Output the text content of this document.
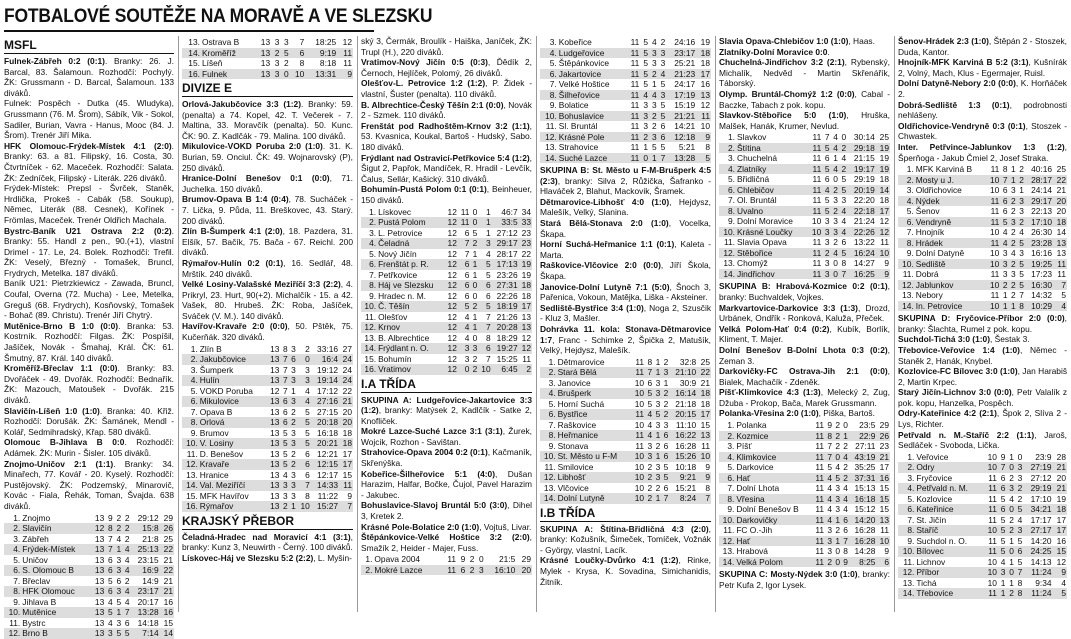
FOTBALOVÉ SOUTĚŽE NA MORAVĚ A VE SLEZSKU
MSFL

Fulnek-Zábřeh 0:2 (0:1). Branky: 26. J. Barcal, 83. Šalamoun. Rozhodčí: Pochylý. ŽK: Grussmann - D. Barcal, Šalamoun. 133 diváků.

Fulnek: Pospěch - Dutka (45. Wludyka), Grussmann (76. M. Šrom), Sábík, Vik - Sokol, Sadiler, Burian, Vavra - Hanus, Mooc (84. J. Šrom). Trenér Jiří Mika.

HFK Olomouc-Frýdek-Místek 4:1 (2:0). Branky: 63. a 81. Filipský, 16. Costa, 30. Čtvrtníček - 62. Maceček. Rozhodčí: Salata. ŽK: Zedníček, Filipský - Literák. 226 diváků.

Frýdek-Místek: Prepsl - Švrček, Staněk, Hrdlička, Prokeš - Cabák (58. Soukup), Němec, Literák (88. Cesnek), Kořínek - Frömlas, Maceček. Trenér Oldřich Machala.

Bystrc-Baník U21 Ostrava 2:2 (0:2). Branky: 55. Handl z pen., 90.(+1), vlastní Drimel - 17. Le, 24. Bolek. Rozhodčí: Trefil. ŽK: Veselý, Březný - Tomašek, Bruncl, Frydrych, Metelka. 187 diváků.

Baník U21: Pietrzkiewicz - Zawada, Bruncl, Coufal, Overna (72. Mucha) - Lee, Metelka, Greguš (68. Frydrych), Kosňovský, Tomašek - Bohač (89. Christu). Trenér Jiří Chytrý.

Mutěnice-Brno B 1:0 (0:0). Branka: 53. Kostrník. Rozhodčí: Filgas. ŽK: Pospíšil, Jašíček, Novák - Šmahaj, Král. ČK: 61. Šmutný, 87. Král. 140 diváků.

Kroměříž-Břeclav 1:1 (0:0). Branky: 83. Dvořáček - 49. Dvořák. Rozhodčí: Bednařík. ŽK: Mazouch, Matoušek - Dvořák. 215 diváků.

Slavičín-Líšeň 1:0 (1:0). Branka: 40. Křiž. Rozhodčí: Dorušák. ŽK: Šamánek, Mendl - Kolář, Sedmihradský, Křap. 580 diváků.

Olomouc B-Jihlava B 0:0. Rozhodčí: Adámek. ŽK: Murin - Šisler. 105 diváků.

Znojmo-Uničov 2:1 (1:1). Branky: 34. Minařech, 77. Kovář - 20. Kyselý. Rozhodčí: Pustějovský. ŽK: Podzemský, Minarovič, Kovác - Fiala, Řehák, Toman, Švajda. 638 diváků.

1.	Znojmo	13	9	2	2	29:12	29
2.	Slavičín	12	8	2	2	15:8	26
3.	Zábřeh	13	7	4	2	21:8	25
4.	Frýdek-Místek	13	7	1	4	25:13	22
5.	Uničov	13	6	3	4	23:15	21
6.	S. Olomouc B	13	6	3	4	16:9	22
7.	Břeclav	13	5	6	2	14:9	21
8.	HFK Olomouc	13	6	3	4	23:17	21
9.	Jihlava B	13	4	5	4	20:17	16
10.	Mutěnice	13	5	1	7	13:28	16
11.	Bystrc	13	4	3	6	14:18	15
12.	Brno B	13	3	5	5	7:14	14
13.	Ostrava B	13	3	3	7	18:25	12
14.	Kroměříž	13	2	5	6	9:19	11
15.	Líšeň	13	3	2	8	8:18	11
16.	Fulnek	13	3	0	10	13:31	9
DIVIZE E

Orlová-Jakubčovice 3:3 (1:2). Branky: 59. (penalta) a 74. Kopel, 42. T. Večerek - 7. Maltina, 33. Moravčík (penalta). 50. Kunc. ČK: 90. Z. Kadlčák - 79. Malina. 100 diváků.

Mikulovice-VOKD Poruba 2:0 (1:0). 31. K. Burian, 59. Onciul. ČK: 49. Wojnarovský (P), 250 diváků.

Hranice-Dolní Benešov 0:1 (0:0), 71. Juchelka. 150 diváků.

Brumov-Opava B 1:4 (0:4), 78. Sucháček - 7. Lička, 9. Půda, 11. Breškovec, 43. Starý. 200 diváků.

Zlín B-Šumperk 4:1 (2:0), 18. Pazdera, 31. Elšík, 57. Bačík, 75. Bača - 67. Reichl. 200 diváků.

Rýmařov-Hulín 0:2 (0:1), 16. Sedlář, 48. Mrštík. 240 diváků.

Velké Losiny-Valašské Meziříčí 3:3 (2:2), 4. Prikryl, 23. Hurt, 90(+2). Michalčík - 15. a 42. Vašek, 80. Hrubeš. ŽK: Roba, Jašíček, Sváček (V. M.). 140 diváků.

Havířov-Kravaře 2:0 (0:0), 50. Pštěk, 75. Kučerňák. 320 diváků.

1.	Zlín B	13	8	3	2	33:16	27
2.	Jakubčovice	13	7	6	0	16:4	24
3.	Šumperk	13	7	3	3	19:12	24
4.	Hulín	13	7	3	3	19:14	24
5.	VOKD Poruba	12	7	1	4	17:12	22
6.	Mikulovice	13	6	3	4	27:16	21
7.	Opava B	13	6	2	5	27:15	20
8.	Orlová	13	6	2	5	20:18	20
9.	Brumov	13	5	3	5	16:18	18
10.	V. Losiny	13	5	3	5	20:21	18
11.	D. Benešov	13	5	2	6	12:21	17
12.	Kravaře	13	5	2	6	12:15	17
13.	Hranice	13	4	3	6	12:17	15
14.	Val. Meziříčí	13	3	3	7	14:33	11
15.	MFK Havířov	13	3	3	8	11:22	9
16.	Rýmařov	13	2	1	10	15:27	7
KRAJSKÝ PŘEBOR

Čeladná-Hradec nad Moravicí 4:1 (3:1), branky: Kunz 3, Neuwirth - Černý. 100 diváků.

Lískovec-Háj ve Slezsku 5:2 (2:2), L. Myšin-

ský 3, Čermák, Broulík - Haiška, Janíček, ŽK: Trupl (H.), 220 diváků.

Vratimov-Nový Jičín 0:5 (0:3), Ďědík 2, Černoch, Hejlíček, Polomý, 26 diváků.

Olešťov-L. Petrovice 1:2 (1:2), P. Židek - vlastní, Šuster (penalta). 110 diváků.

B. Albrechtice-Český Těšín 2:1 (0:0), Novák 2 - Szmek. 110 diváků.

Frenštát pod Radhoštěm-Krnov 3:2 (1:1), 53. Kvasnica, Koukal, Bartoš - Hudský, Sabo. 180 diváků.

Frýdlant nad Ostravicí-Petřkovice 5:4 (1:2), Šigut 2, Papřok, Mandíček, R. Hradil - Levčík, Čalus, Sellár, Kašický. 310 diváků.

Bohumín-Pustá Polom 0:1 (0:1), Beinheuer, 150 diváků.

1.	Lískovec	12	11	0	1	46:7	34
2.	Pustá Polom	12	11	0	1	33:5	33
3.	L. Petrovice	12	6	5	1	27:12	23
4.	Čeladná	12	7	2	3	29:17	23
5.	Nový Jičín	12	7	1	4	28:17	22
6.	Frenštát p. R.	12	6	1	5	17:13	19
7.	Petřkovice	12	6	1	5	23:26	19
8.	Háj ve Slezsku	12	6	0	6	27:31	18
9.	Hradec n. M.	12	6	0	6	22:26	18
10.	Č. Těšín	12	5	2	5	18:19	17
11.	Olešťov	12	4	1	7	21:26	13
12.	Krnov	12	4	1	7	20:28	13
13.	B. Albrechtice	12	4	0	8	18:29	12
14.	Frýdlant n. O.	12	3	3	6	19:27	12
15.	Bohumín	12	3	2	7	15:25	11
16.	Vratimov	12	0	2	10	6:45	2
I.A TŘÍDA

SKUPINA A: Ludgeřovice-Jakartovice 3:3 (1:2), branky: Matýsek 2, Kadlčík - Satke 2, Knofliček.

Mokré Lazce-Suché Lazce 3:1 (3:1), Žurek, Wojcik, Rozhon - Savištan.

Strahovice-Opava 2004 0:2 (0:1), Kačmaník, Skřenýška.

Kobeřice-Šilheřovice 5:1 (4:0), Dušan Harazim, Halfar, Bočke, Čujol, Pavel Harazim - Jakubec.

Bohuslavice-Slavoj Bruntál 5:0 (3:0), Dihel 3, Kretek 2.

Krásné Pole-Bolatice 2:0 (1:0), Vojtuš, Livar.

Štěpánkovice-Velké Hoštice 3:2 (2:0), Smažík 2, Heider - Majer, Fuss.

1.	Opava 2004	11	9	2	0	21:5	29
2.	Mokré Lazce	11	6	2	3	16:10	20
3.	Kobeřice	11	5	4	2	24:16	19
4.	Ludgeřovice	11	5	3	3	23:17	18
5.	Štěpánkovice	11	5	3	3	25:21	18
6.	Jakartovice	11	5	2	4	21:23	17
7.	Velké Hoštice	11	5	1	5	24:17	16
8.	Šilheřovice	11	4	4	3	17:19	13
9.	Bolatice	11	3	3	5	15:19	12
10.	Bohuslavice	11	3	2	5	21:21	11
11.	Sl. Bruntál	11	3	2	6	14:21	10
12.	Krásné Pole	11	2	3	6	12:18	9
13.	Strahovice	11	1	5	5	5:21	8
14.	Suché Lazce	11	0	1	7	13:28	5

SKUPINA B: St. Město u F-M-Brušperk 4:5 (2:3), branky: Silva 2, Růžička, Šafranko - Hlaváček 2, Blahut, Mackovik, Šramek.

Dětmarovice-Libhošť 4:0 (1:0), Hejdysz, Malešík, Velký, Slanina.

Stará Bělá-Stonava 2:0 (1:0), Vocelka, Škapa.

Horní Suchá-Heřmanice 1:1 (0:1), Kaleta - Marta.

Raškovice-Vlčovice 2:0 (0:0), Jíří Škola, Škapa.

Janovice-Dolní Lutyně 7:1 (5:0), Šnoch 3, Pařenica, Vokoun, Matějka, Liška - Aksteiner.

Sedliště-Bystřice 3:4 (1:0), Noga 2, Szusčik - Kluz 3, Mašler.

Dohrávka 11. kola: Stonava-Dětmarovice 1:7, Franc - Schimke 2, Špička 2, Matušík, Velký, Hejdysz, Malešík.

1.	Dětmarovice	11	8	1	2	32:8	25
2.	Stará Bělá	11	7	1	3	21:10	22
3.	Janovice	10	6	3	1	30:9	21
4.	Brušperk	10	5	3	2	16:14	18
5.	Horní Suchá	10	5	3	2	21:18	18
6.	Bystřice	11	4	5	2	20:15	17
7.	Raškovice	10	4	3	3	11:10	15
8.	Heřmanice	11	4	1	6	16:22	13
9.	Stonava	11	3	2	6	16:28	11
10.	St. Město u F-M	10	3	1	6	15:26	10
11.	Smilovice	10	2	3	5	10:18	9
12.	Libhošť	10	2	3	5	9:21	9
13.	Vlčovice	10	2	2	6	15:21	8
14.	Dolní Lutyně	10	2	1	7	8:24	7
I.B TŘÍDA

SKUPINA A: Štítina-Břidličná 4:3 (2:0), branky: Kožušník, Šimeček, Tomíček, Vožnák - György, vlastní, Lacík.

Krásné Loučky-Dvůrko 4:1 (1:2), Rinke, Mylek - Krysa, K. Sovadina, Simichanidis, Žitník.

Slavia Opava-Chlebičov 1:0 (1:0), Haas.

Zlatníky-Dolní Moravice 0:0.

Chuchelná-Jindřichov 3:2 (2:1), Rybenský, Michalík, Nedvěd - Martin Skřenářík, Táborský.

Olymp. Bruntál-Chomýž 1:2 (0:0), Cabal - Baczke, Tabach z pok. kopu.

Slavkov-Stěbořice 5:0 (1:0), Hruška, Malšek, Hanák, Krumer, Nevlud.

1.	Slavkov	11	7	4	0	30:14	25
2.	Štítina	11	5	4	2	29:18	19
3.	Chuchelná	11	6	1	4	21:15	19
4.	Zlatníky	11	5	4	2	19:17	19
5.	Břidličná	11	6	0	5	29:19	18
6.	Chlebičov	11	4	2	5	20:19	14
7.	Ol. Bruntál	11	5	3	3	22:20	18
8.	Uvalno	11	5	2	4	22:18	17
9.	Dolní Moravice	10	3	3	4	21:24	12
10.	Krásné Loučky	10	3	3	4	22:26	12
11.	Slavia Opava	11	3	2	6	13:22	11
12.	Stěbořice	11	2	4	5	16:24	10
13.	Chomýž	11	3	0	8	14:27	9
14.	Jindřichov	11	3	0	7	16:25	9

SKUPINA B: Hrabová-Kozmice 0:2 (0:1), branky: Buchvaldek, Vojkes.

Markvartovice-Darkovice 3:3 (1:3), Drozd, Urbánek, Ondřík - Ronková, Kaluža, Přeček.

Velká Polom-Hať 0:4 (0:2), Kubík, Borlík, Kliment, T. Majer.

Dolní Benešov B-Dolní Lhota 0:3 (0:2), Zeman 3.

Darkovičky-FC Ostrava-Jih 2:1 (0:0), Bialek, Machačík - Zdeněk.

Píšť-Klimkovice 4:3 (1:3), Melecký 2, Zug, Džuba - Prokop, Bača, Marek Grussmann.

Polanka-Vřesina 2:0 (1:0), Piška, Bartoš.

1.	Polanka	11	9	2	0	23:5	29
2.	Kozmice	11	8	2	1	22:9	26
3.	Píšť	11	7	2	2	27:11	23
4.	Klimkovice	11	7	0	4	43:19	21
5.	Darkovice	11	5	4	2	35:25	17
6.	Hať	11	4	5	2	37:31	16
7.	Dolní Lhota	11	4	3	4	15:13	15
8.	Vřesina	11	4	3	4	16:18	15
9.	Dolní Benešov B	11	4	3	4	15:12	15
10.	Darkovičky	11	4	1	6	14:20	13
11.	FC O.-Jih	11	3	2	6	16:28	11
12.	Hať	11	3	1	7	16:28	10
13.	Hrabová	11	3	0	8	14:28	9
14.	Velká Polom	11	2	0	9	8:25	6

SKUPINA C: Mosty-Nýdek 3:0 (1:0), branky: Petr Kufa 2, Igor Lysek.

Šenov-Hrádek 2:3 (1:0), Štěpán 2 - Stoszek, Duda, Kantor.

Hnojník-MFK Karviná B 5:2 (3:1), Kušnírák 2, Volný, Mach, Klus - Egermajer, Ruisl.

Dolní Datyně-Nebory 2:0 (0:0), K. Horňáček 2.

Dobrá-Sedliště 1:3 (0:1), podrobnosti nehlášeny.

Oldřichovice-Vendryně 0:3 (0:1), Stoszek - Chwastek.

Inter. Petřvince-Jablunkov 1:3 (1:2), Šperňoga - Jakub Čmiel 2, Josef Straka.

1.	MFK Karviná B	11	8	1	2	40:16	25
2.	Mosty u J.	10	7	1	2	28:17	22
3.	Oldřichovice	10	6	3	1	24:14	21
4.	Nýdek	11	6	2	3	29:17	20
5.	Šenov	11	6	2	3	22:13	20
6.	Vendryně	11	5	3	2	17:10	18
7.	Hnojník	10	4	2	4	26:30	14
8.	Hrádek	11	4	2	5	23:28	13
9.	Dolní Datyně	10	3	4	3	16:16	13
10.	Sedliště	10	3	2	5	19:25	11
11.	Dobrá	11	3	3	5	17:23	11
12.	Jablunkov	10	2	2	5	16:30	7
13.	Nebory	11	1	2	7	14:32	5
14.	In. Petrovice	10	1	1	8	10:29	4

SKUPINA D: Fryčovice-Příbor 2:0 (0:0), branky: Šlachta, Rumel z pok. kopu.

Suchdol-Tichá 3:0 (1:0), Šestak 3.

Třebovice-Veřovice 1:4 (1:0), Němec - Staněk 2, Hanák, Knybel.

Kozlovice-FC Bílovec 3:0 (1:0), Jan Harabiš 2, Martin Krpec.

Starý Jičín-Lichnov 3:0 (0:0), Petr Valalík z pok. kopu, Hanzelka, Pospěch.

Odry-Kateřinice 4:2 (2:1), Špok 2, Slíva 2 - Lys, Richter.

Petřvald n. M.-Staříč 2:2 (1:1), Jaroš, Sedláček - Svoboda, Lička.

1.	Veřovice	10	9	1	0	23:9	28
2.	Odry	10	7	0	3	27:19	21
3.	Fryčovice	11	6	2	3	27:12	20
4.	Petřvald n. M.	11	6	3	2	29:19	21
5.	Kozlovice	11	5	4	2	17:10	19
6.	Kateřinice	11	6	0	5	34:21	18
7.	St. Jičín	11	5	2	4	17:17	17
8.	Staříč	10	5	2	3	27:17	17
9.	Suchdol n. O.	11	5	1	5	14:20	16
10.	Bílovec	11	5	0	6	24:25	15
11.	Lichnov	10	4	1	5	14:13	12
12.	Příbor	10	3	0	7	11:24	9
13.	Tichá	10	1	1	8	9:34	4
14.	Třebovice	11	1	2	8	11:24	5
